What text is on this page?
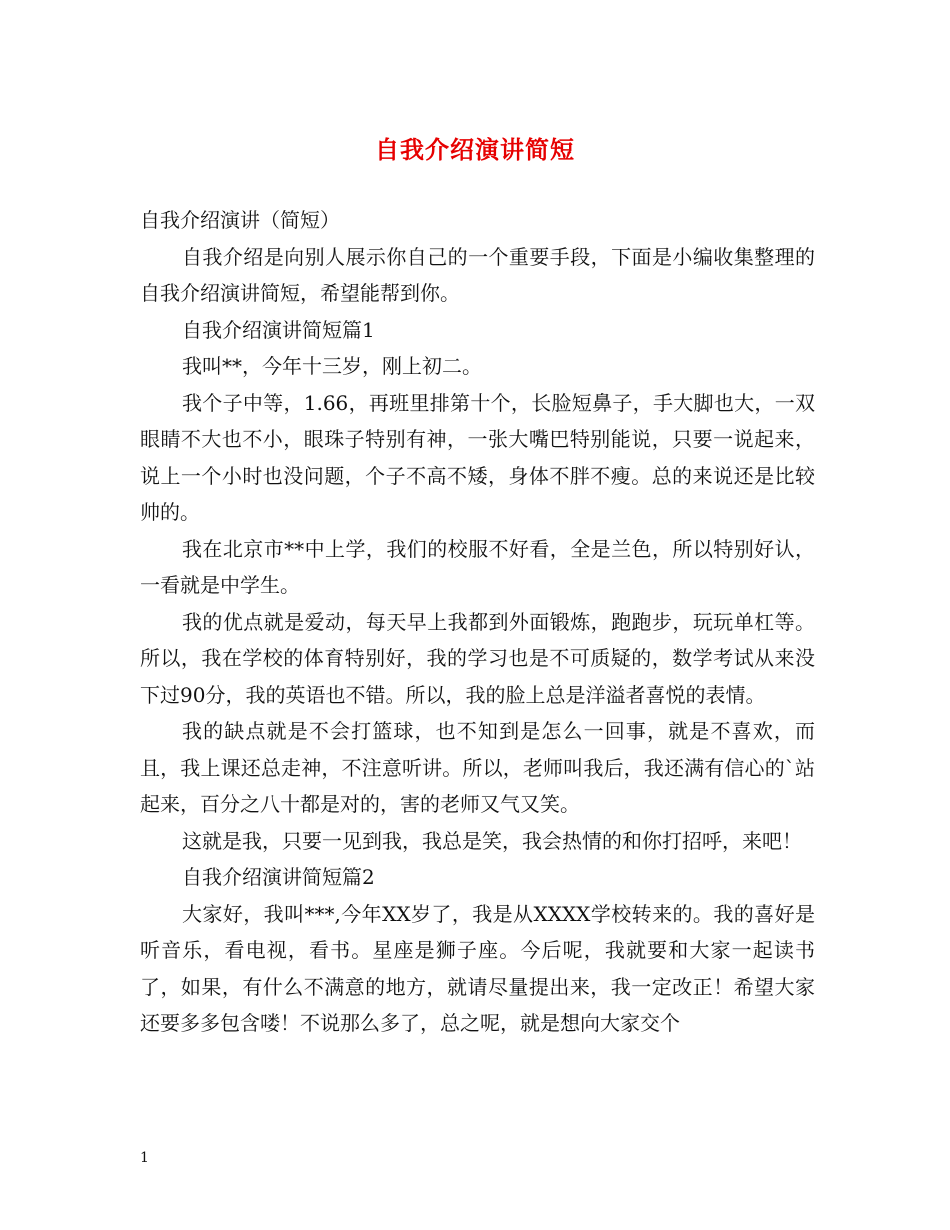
自我介绍演讲简短

自我介绍演讲（简短）

自我介绍是向别人展示你自己的一个重要手段，下面是小编收集整理的自我介绍演讲简短，希望能帮到你。

自我介绍演讲简短篇1

我叫**，今年十三岁，刚上初二。

我个子中等，1.66，再班里排第十个，长脸短鼻子，手大脚也大，一双眼睛不大也不小，眼珠子特别有神，一张大嘴巴特别能说，只要一说起来，说上一个小时也没问题，个子不高不矮，身体不胖不瘦。总的来说还是比较帅的。

我在北京市**中上学，我们的校服不好看，全是兰色，所以特别好认，一看就是中学生。

我的优点就是爱动，每天早上我都到外面锻炼，跑跑步，玩玩单杠等。所以，我在学校的体育特别好，我的学习也是不可质疑的，数学考试从来没下过90分，我的英语也不错。所以，我的脸上总是洋溢者喜悦的表情。

我的缺点就是不会打篮球，也不知到是怎么一回事，就是不喜欢，而且，我上课还总走神，不注意听讲。所以，老师叫我后，我还满有信心的`站起来，百分之八十都是对的，害的老师又气又笑。

这就是我，只要一见到我，我总是笑，我会热情的和你打招呼，来吧！

自我介绍演讲简短篇2

大家好，我叫***,今年XX岁了，我是从XXXX学校转来的。我的喜好是听音乐，看电视，看书。星座是狮子座。今后呢，我就要和大家一起读书了，如果，有什么不满意的地方，就请尽量提出来，我一定改正！希望大家还要多多包含喽！不说那么多了，总之呢，就是想向大家交个

1
